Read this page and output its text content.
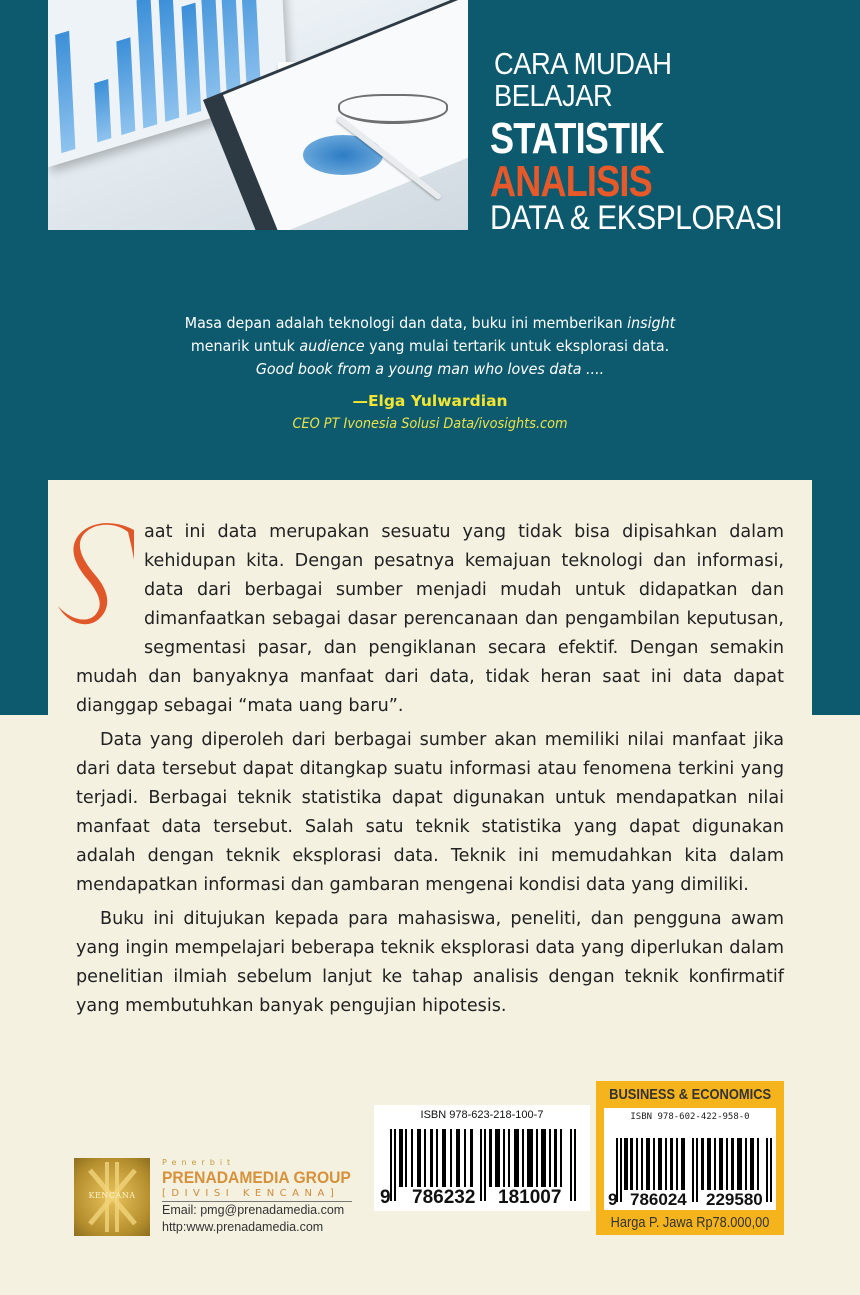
CARA MUDAH
BELAJAR
STATISTIK
ANALISIS
DATA & EKSPLORASI
Masa depan adalah teknologi dan data, buku ini memberikan insight
menarik untuk audience yang mulai tertarik untuk eksplorasi data.
Good book from a young man who loves data ....
—Elga Yulwardian
CEO PT Ivonesia Solusi Data/ivosights.com

aat ini data merupakan sesuatu yang tidak bisa dipisahkan dalam kehidupan kita. Dengan pesatnya kemajuan teknologi dan informasi, data dari berbagai sumber menjadi mudah untuk didapatkan dan dimanfaatkan sebagai dasar perencanaan dan pengambilan keputusan, segmentasi pasar, dan pengiklanan secara efektif. Dengan semakin mudah dan banyaknya manfaat dari data, tidak heran saat ini data dapat dianggap sebagai “mata uang baru”.

Data yang diperoleh dari berbagai sumber akan memiliki nilai manfaat jika dari data tersebut dapat ditangkap suatu informasi atau fenomena terkini yang terjadi. Berbagai teknik statistika dapat digunakan untuk mendapatkan nilai manfaat data tersebut. Salah satu teknik statistika yang dapat digunakan adalah dengan teknik eksplorasi data. Teknik ini memudahkan kita dalam mendapatkan informasi dan gambaran mengenai kondisi data yang dimiliki.

Buku ini ditujukan kepada para mahasiswa, peneliti, dan pengguna awam yang ingin mempelajari beberapa teknik eksplorasi data yang diperlukan dalam penelitian ilmiah sebelum lanjut ke tahap analisis dengan teknik konfirmatif yang membutuhkan banyak pengujian hipotesis.

KENCANA
Penerbit
PRENADAMEDIA GROUP
[DIVISI KENCANA]
Email: pmg@prenadamedia.com
http:www.prenadamedia.com
ISBN 978-623-218-100-7
9 786232 181007
BUSINESS & ECONOMICS
ISBN 978-602-422-958-0
9 786024 229580
Harga P. Jawa Rp78.000,00
